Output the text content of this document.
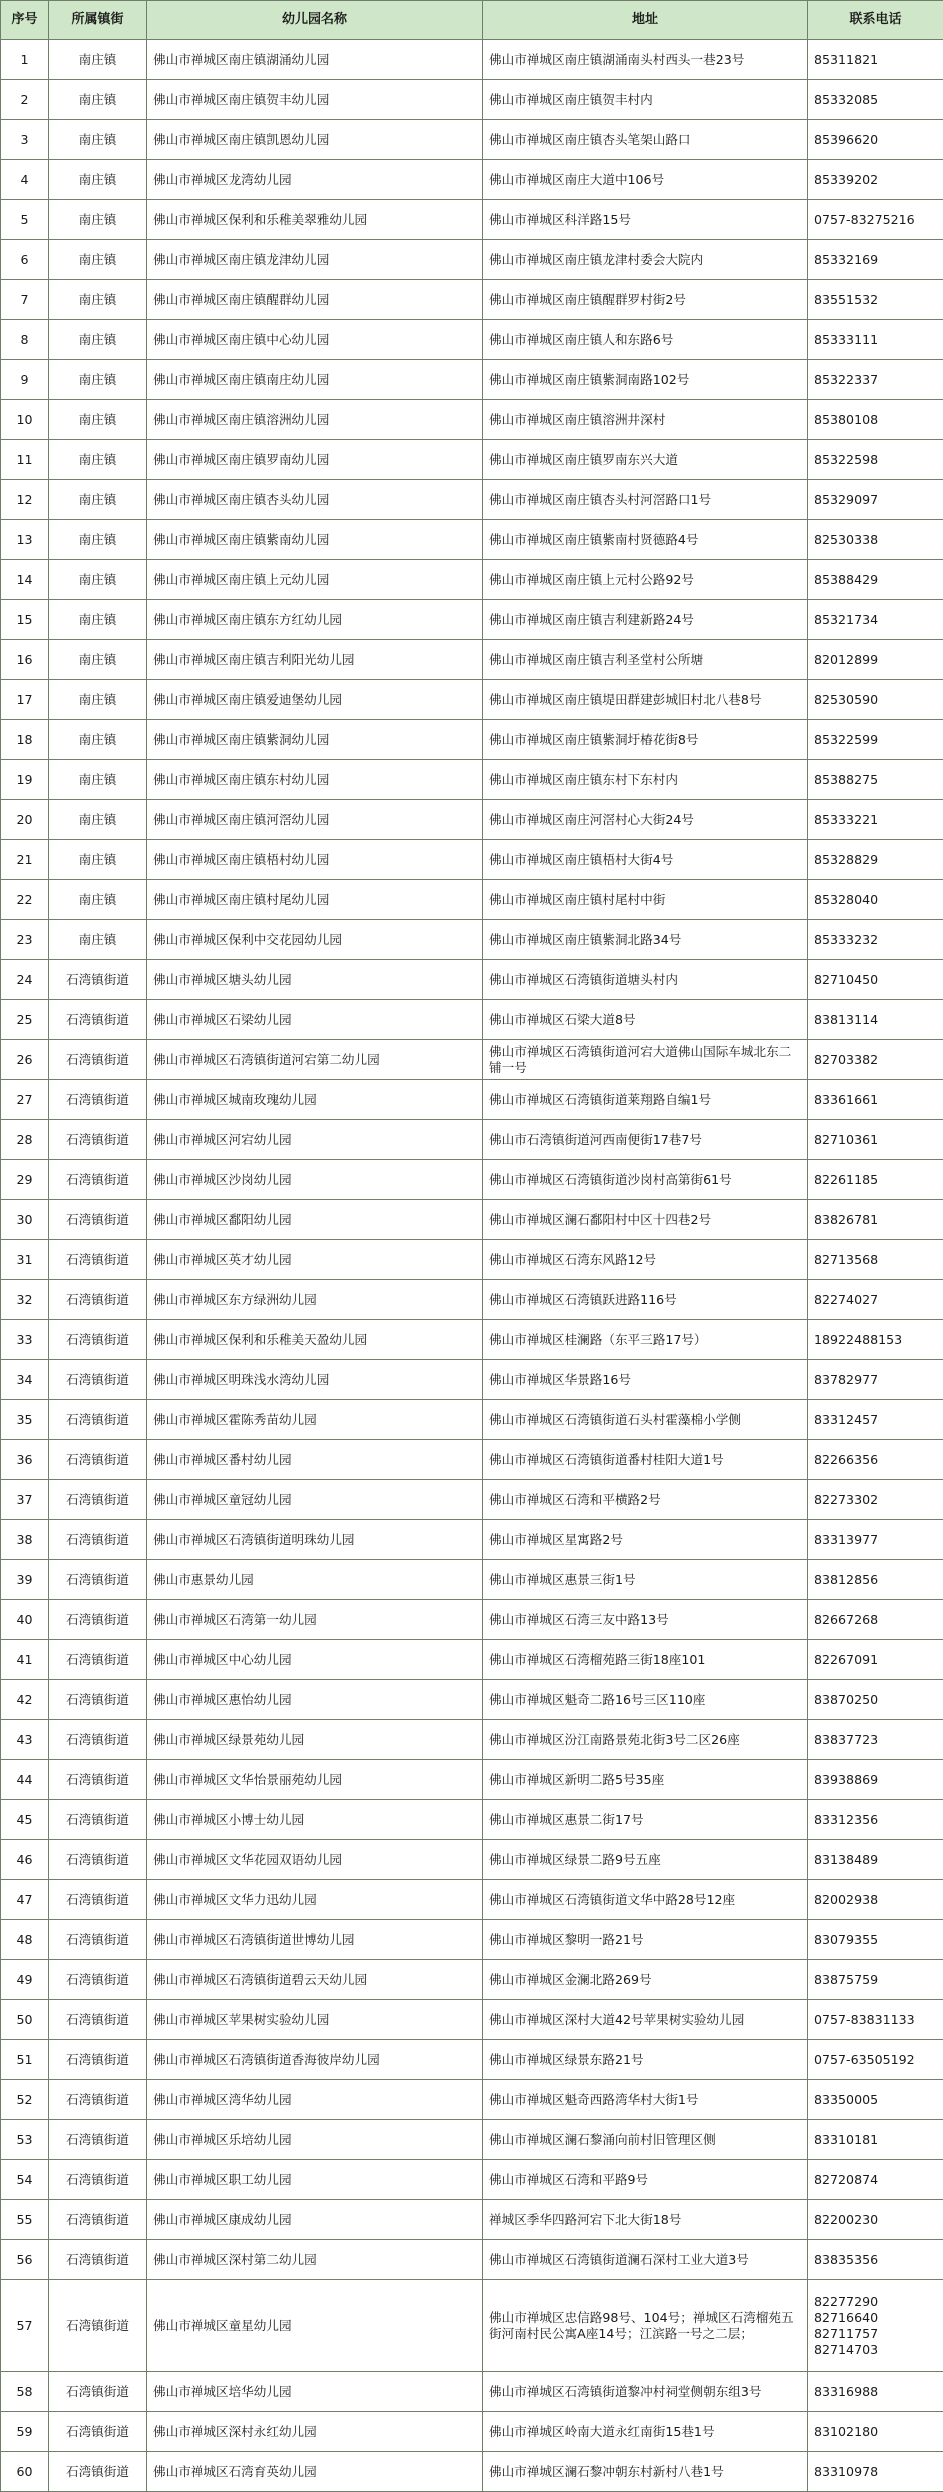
序号	所属镇街	幼儿园名称	地址	联系电话
1	南庄镇	佛山市禅城区南庄镇湖涌幼儿园	佛山市禅城区南庄镇湖涌南头村西头一巷23号	85311821
2	南庄镇	佛山市禅城区南庄镇贺丰幼儿园	佛山市禅城区南庄镇贺丰村内	85332085
3	南庄镇	佛山市禅城区南庄镇凯恩幼儿园	佛山市禅城区南庄镇杏头笔架山路口	85396620
4	南庄镇	佛山市禅城区龙湾幼儿园	佛山市禅城区南庄大道中106号	85339202
5	南庄镇	佛山市禅城区保利和乐稚美翠雅幼儿园	佛山市禅城区科洋路15号	0757-83275216
6	南庄镇	佛山市禅城区南庄镇龙津幼儿园	佛山市禅城区南庄镇龙津村委会大院内	85332169
7	南庄镇	佛山市禅城区南庄镇醒群幼儿园	佛山市禅城区南庄镇醒群罗村街2号	83551532
8	南庄镇	佛山市禅城区南庄镇中心幼儿园	佛山市禅城区南庄镇人和东路6号	85333111
9	南庄镇	佛山市禅城区南庄镇南庄幼儿园	佛山市禅城区南庄镇紫洞南路102号	85322337
10	南庄镇	佛山市禅城区南庄镇溶洲幼儿园	佛山市禅城区南庄镇溶洲井深村	85380108
11	南庄镇	佛山市禅城区南庄镇罗南幼儿园	佛山市禅城区南庄镇罗南东兴大道	85322598
12	南庄镇	佛山市禅城区南庄镇杏头幼儿园	佛山市禅城区南庄镇杏头村河滘路口1号	85329097
13	南庄镇	佛山市禅城区南庄镇紫南幼儿园	佛山市禅城区南庄镇紫南村贤德路4号	82530338
14	南庄镇	佛山市禅城区南庄镇上元幼儿园	佛山市禅城区南庄镇上元村公路92号	85388429
15	南庄镇	佛山市禅城区南庄镇东方红幼儿园	佛山市禅城区南庄镇吉利建新路24号	85321734
16	南庄镇	佛山市禅城区南庄镇吉利阳光幼儿园	佛山市禅城区南庄镇吉利圣堂村公所塘	82012899
17	南庄镇	佛山市禅城区南庄镇爱迪堡幼儿园	佛山市禅城区南庄镇堤田群建彭城旧村北八巷8号	82530590
18	南庄镇	佛山市禅城区南庄镇紫洞幼儿园	佛山市禅城区南庄镇紫洞圩椿花街8号	85322599
19	南庄镇	佛山市禅城区南庄镇东村幼儿园	佛山市禅城区南庄镇东村下东村内	85388275
20	南庄镇	佛山市禅城区南庄镇河滘幼儿园	佛山市禅城区南庄河滘村心大街24号	85333221
21	南庄镇	佛山市禅城区南庄镇梧村幼儿园	佛山市禅城区南庄镇梧村大街4号	85328829
22	南庄镇	佛山市禅城区南庄镇村尾幼儿园	佛山市禅城区南庄镇村尾村中街	85328040
23	南庄镇	佛山市禅城区保利中交花园幼儿园	佛山市禅城区南庄镇紫洞北路34号	85333232
24	石湾镇街道	佛山市禅城区塘头幼儿园	佛山市禅城区石湾镇街道塘头村内	82710450
25	石湾镇街道	佛山市禅城区石梁幼儿园	佛山市禅城区石梁大道8号	83813114
26	石湾镇街道	佛山市禅城区石湾镇街道河宕第二幼儿园	佛山市禅城区石湾镇街道河宕大道佛山国际车城北东二铺一号	82703382
27	石湾镇街道	佛山市禅城区城南玫瑰幼儿园	佛山市禅城区石湾镇街道莱翔路自编1号	83361661
28	石湾镇街道	佛山市禅城区河宕幼儿园	佛山市石湾镇街道河西南便街17巷7号	82710361
29	石湾镇街道	佛山市禅城区沙岗幼儿园	佛山市禅城区石湾镇街道沙岗村高第街61号	82261185
30	石湾镇街道	佛山市禅城区鄱阳幼儿园	佛山市禅城区澜石鄱阳村中区十四巷2号	83826781
31	石湾镇街道	佛山市禅城区英才幼儿园	佛山市禅城区石湾东风路12号	82713568
32	石湾镇街道	佛山市禅城区东方绿洲幼儿园	佛山市禅城区石湾镇跃进路116号	82274027
33	石湾镇街道	佛山市禅城区保利和乐稚美天盈幼儿园	佛山市禅城区桂澜路（东平三路17号）	18922488153
34	石湾镇街道	佛山市禅城区明珠浅水湾幼儿园	佛山市禅城区华景路16号	83782977
35	石湾镇街道	佛山市禅城区霍陈秀苗幼儿园	佛山市禅城区石湾镇街道石头村霍藻棉小学侧	83312457
36	石湾镇街道	佛山市禅城区番村幼儿园	佛山市禅城区石湾镇街道番村桂阳大道1号	82266356
37	石湾镇街道	佛山市禅城区童冠幼儿园	佛山市禅城区石湾和平横路2号	82273302
38	石湾镇街道	佛山市禅城区石湾镇街道明珠幼儿园	佛山市禅城区星寓路2号	83313977
39	石湾镇街道	佛山市惠景幼儿园	佛山市禅城区惠景三街1号	83812856
40	石湾镇街道	佛山市禅城区石湾第一幼儿园	佛山市禅城区石湾三友中路13号	82667268
41	石湾镇街道	佛山市禅城区中心幼儿园	佛山市禅城区石湾榴苑路三街18座101	82267091
42	石湾镇街道	佛山市禅城区惠怡幼儿园	佛山市禅城区魁奇二路16号三区110座	83870250
43	石湾镇街道	佛山市禅城区绿景苑幼儿园	佛山市禅城区汾江南路景苑北街3号二区26座	83837723
44	石湾镇街道	佛山市禅城区文华怡景丽苑幼儿园	佛山市禅城区新明二路5号35座	83938869
45	石湾镇街道	佛山市禅城区小博士幼儿园	佛山市禅城区惠景二街17号	83312356
46	石湾镇街道	佛山市禅城区文华花园双语幼儿园	佛山市禅城区绿景二路9号五座	83138489
47	石湾镇街道	佛山市禅城区文华力迅幼儿园	佛山市禅城区石湾镇街道文华中路28号12座	82002938
48	石湾镇街道	佛山市禅城区石湾镇街道世博幼儿园	佛山市禅城区黎明一路21号	83079355
49	石湾镇街道	佛山市禅城区石湾镇街道碧云天幼儿园	佛山市禅城区金澜北路269号	83875759
50	石湾镇街道	佛山市禅城区苹果树实验幼儿园	佛山市禅城区深村大道42号苹果树实验幼儿园	0757-83831133
51	石湾镇街道	佛山市禅城区石湾镇街道香海彼岸幼儿园	佛山市禅城区绿景东路21号	0757-63505192
52	石湾镇街道	佛山市禅城区湾华幼儿园	佛山市禅城区魁奇西路湾华村大街1号	83350005
53	石湾镇街道	佛山市禅城区乐培幼儿园	佛山市禅城区澜石黎涌向前村旧管理区侧	83310181
54	石湾镇街道	佛山市禅城区职工幼儿园	佛山市禅城区石湾和平路9号	82720874
55	石湾镇街道	佛山市禅城区康成幼儿园	禅城区季华四路河宕下北大街18号	82200230
56	石湾镇街道	佛山市禅城区深村第二幼儿园	佛山市禅城区石湾镇街道澜石深村工业大道3号	83835356
57	石湾镇街道	佛山市禅城区童星幼儿园	佛山市禅城区忠信路98号、104号；禅城区石湾榴苑五街河南村民公寓A座14号；江滨路一号之二层；	82277290
82716640
82711757
82714703
58	石湾镇街道	佛山市禅城区培华幼儿园	佛山市禅城区石湾镇街道黎冲村祠堂侧朝东组3号	83316988
59	石湾镇街道	佛山市禅城区深村永红幼儿园	佛山市禅城区岭南大道永红南街15巷1号	83102180
60	石湾镇街道	佛山市禅城区石湾育英幼儿园	佛山市禅城区澜石黎冲朝东村新村八巷1号	83310978
